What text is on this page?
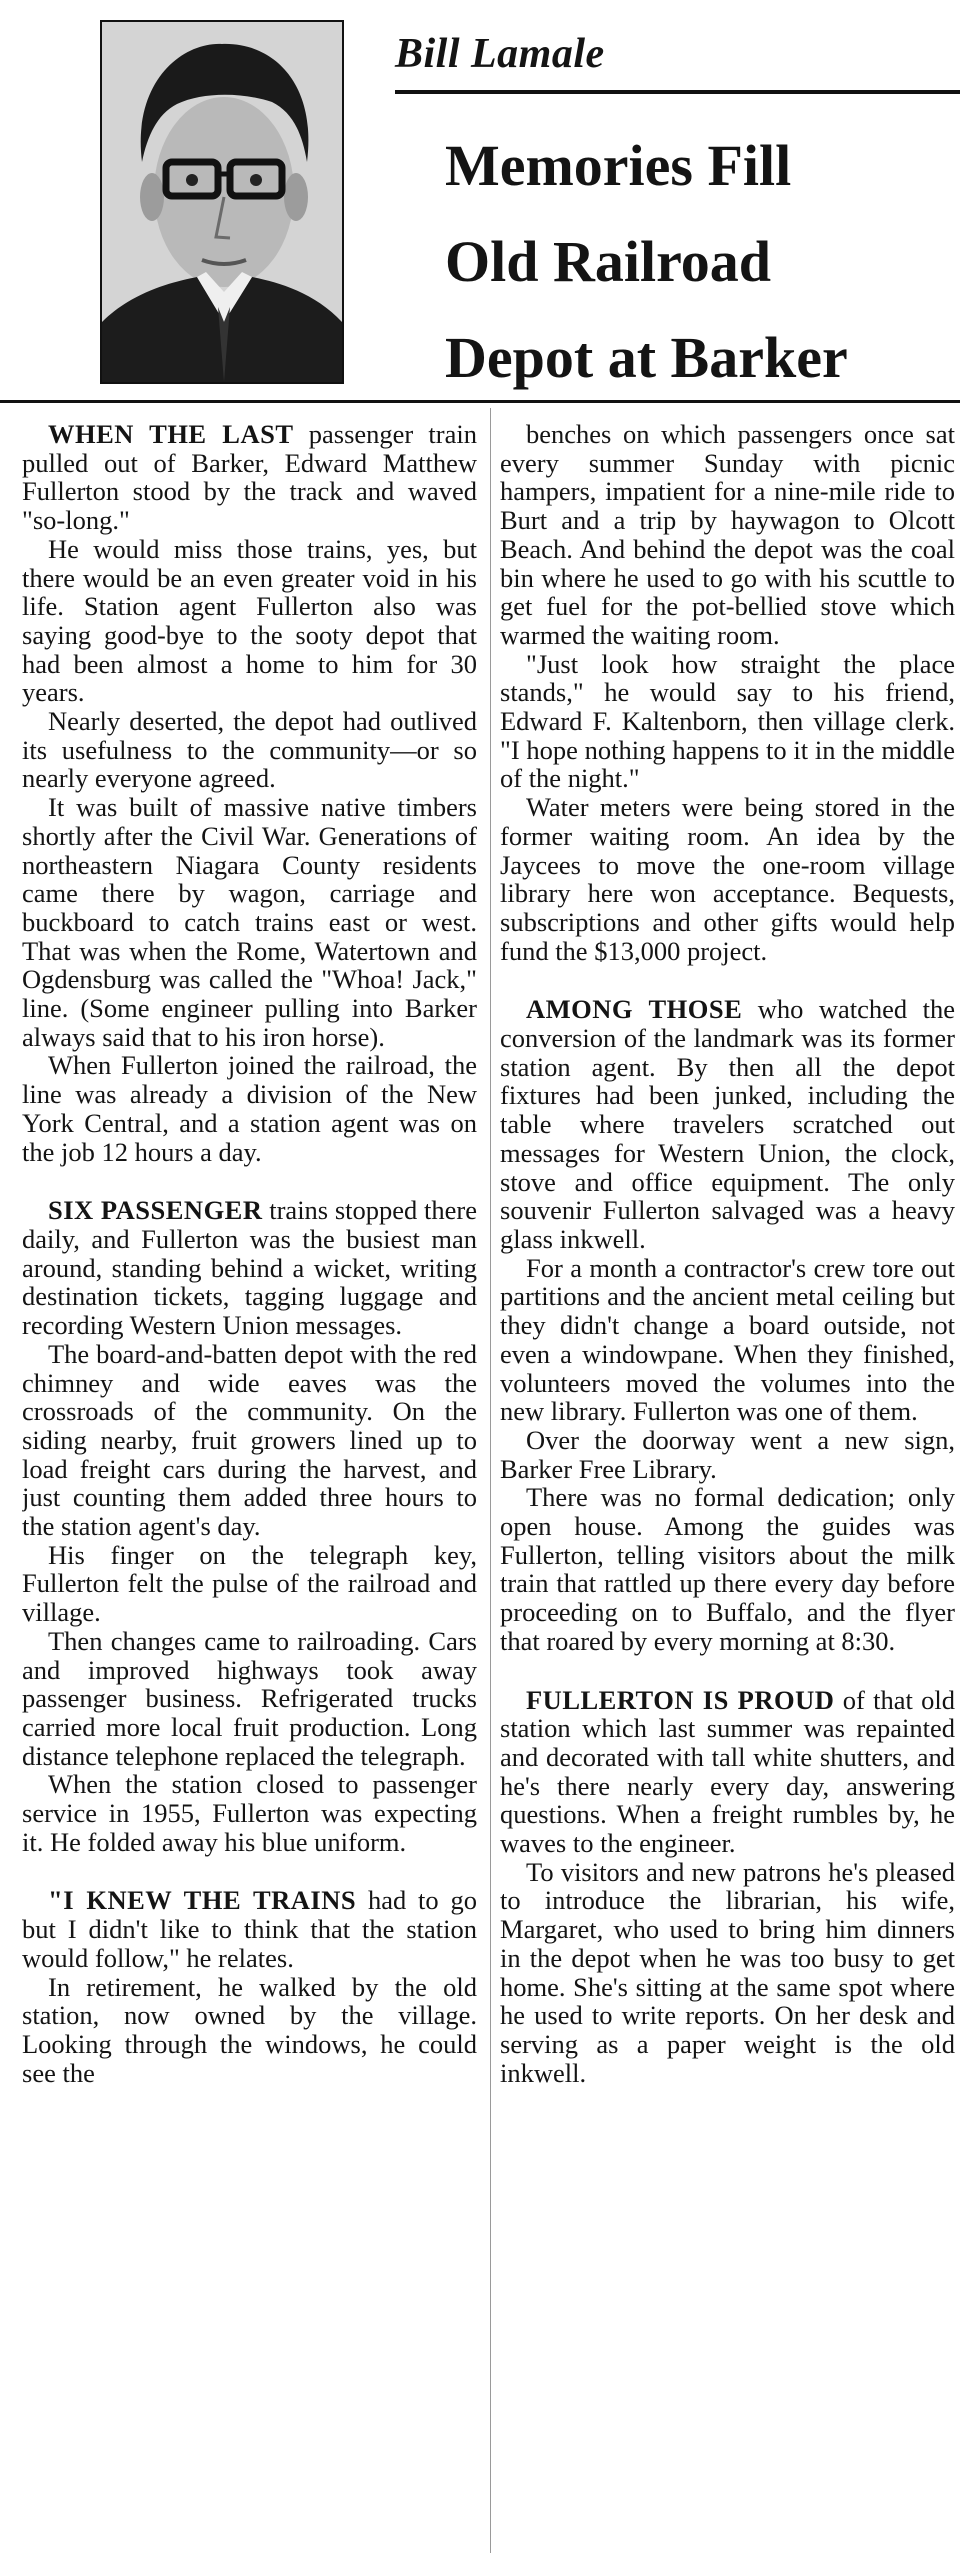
Bill Lamale
Memories Fill
Old Railroad
Depot at Barker

WHEN THE LAST passenger train pulled out of Barker, Edward Matthew Fullerton stood by the track and waved "so-long."

He would miss those trains, yes, but there would be an even greater void in his life. Station agent Fullerton also was saying good-bye to the sooty depot that had been almost a home to him for 30 years.

Nearly deserted, the depot had outlived its usefulness to the community—or so nearly everyone agreed.

It was built of massive native timbers shortly after the Civil War. Generations of northeastern Niagara County residents came there by wagon, carriage and buckboard to catch trains east or west. That was when the Rome, Watertown and Ogdensburg was called the "Whoa! Jack," line. (Some engineer pulling into Barker always said that to his iron horse).

When Fullerton joined the railroad, the line was already a division of the New York Central, and a station agent was on the job 12 hours a day.

SIX PASSENGER trains stopped there daily, and Fullerton was the busiest man around, standing behind a wicket, writing destination tickets, tagging luggage and recording Western Union messages.

The board-and-batten depot with the red chimney and wide eaves was the crossroads of the community. On the siding nearby, fruit growers lined up to load freight cars during the harvest, and just counting them added three hours to the station agent's day.

His finger on the telegraph key, Fullerton felt the pulse of the railroad and village.

Then changes came to railroading. Cars and improved highways took away passenger business. Refrigerated trucks carried more local fruit production. Long distance telephone replaced the telegraph.

When the station closed to passenger service in 1955, Fullerton was expecting it. He folded away his blue uniform.

"I KNEW THE TRAINS had to go but I didn't like to think that the station would follow," he relates.

In retirement, he walked by the old station, now owned by the village. Looking through the windows, he could see the

benches on which passengers once sat every summer Sunday with picnic hampers, impatient for a nine-mile ride to Burt and a trip by haywagon to Olcott Beach. And behind the depot was the coal bin where he used to go with his scuttle to get fuel for the pot-bellied stove which warmed the waiting room.

"Just look how straight the place stands," he would say to his friend, Edward F. Kaltenborn, then village clerk. "I hope nothing happens to it in the middle of the night."

Water meters were being stored in the former waiting room. An idea by the Jaycees to move the one-room village library here won acceptance. Bequests, subscriptions and other gifts would help fund the $13,000 project.

AMONG THOSE who watched the conversion of the landmark was its former station agent. By then all the depot fixtures had been junked, including the table where travelers scratched out messages for Western Union, the clock, stove and office equipment. The only souvenir Fullerton salvaged was a heavy glass inkwell.

For a month a contractor's crew tore out partitions and the ancient metal ceiling but they didn't change a board outside, not even a windowpane. When they finished, volunteers moved the volumes into the new library. Fullerton was one of them.

Over the doorway went a new sign, Barker Free Library.

There was no formal dedication; only open house. Among the guides was Fullerton, telling visitors about the milk train that rattled up there every day before proceeding on to Buffalo, and the flyer that roared by every morning at 8:30.

FULLERTON IS PROUD of that old station which last summer was repainted and decorated with tall white shutters, and he's there nearly every day, answering questions. When a freight rumbles by, he waves to the engineer.

To visitors and new patrons he's pleased to introduce the librarian, his wife, Margaret, who used to bring him dinners in the depot when he was too busy to get home. She's sitting at the same spot where he used to write reports. On her desk and serving as a paper weight is the old inkwell.
